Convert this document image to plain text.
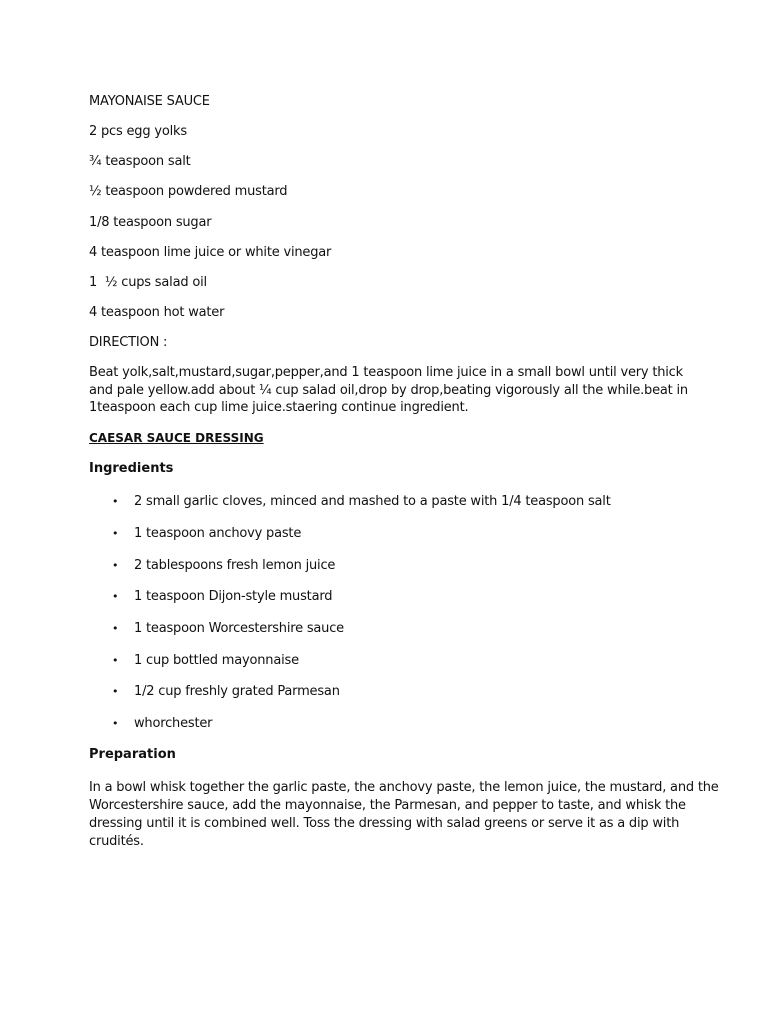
MAYONAISE SAUCE
2 pcs egg yolks
¾ teaspoon salt
½ teaspoon powdered mustard
1/8 teaspoon sugar
4 teaspoon lime juice or white vinegar
1  ½ cups salad oil
4 teaspoon hot water
DIRECTION :
Beat yolk,salt,mustard,sugar,pepper,and 1 teaspoon lime juice in a small bowl until very thick
and pale yellow.add about ¼ cup salad oil,drop by drop,beating vigorously all the while.beat in
1teaspoon each cup lime juice.staering continue ingredient.
CAESAR SAUCE DRESSING
Ingredients
• 2 small garlic cloves, minced and mashed to a paste with 1/4 teaspoon salt
• 1 teaspoon anchovy paste
• 2 tablespoons fresh lemon juice
• 1 teaspoon Dijon-style mustard
• 1 teaspoon Worcestershire sauce
• 1 cup bottled mayonnaise
• 1/2 cup freshly grated Parmesan
• whorchester
Preparation
In a bowl whisk together the garlic paste, the anchovy paste, the lemon juice, the mustard, and the
Worcestershire sauce, add the mayonnaise, the Parmesan, and pepper to taste, and whisk the
dressing until it is combined well. Toss the dressing with salad greens or serve it as a dip with
crudités.
